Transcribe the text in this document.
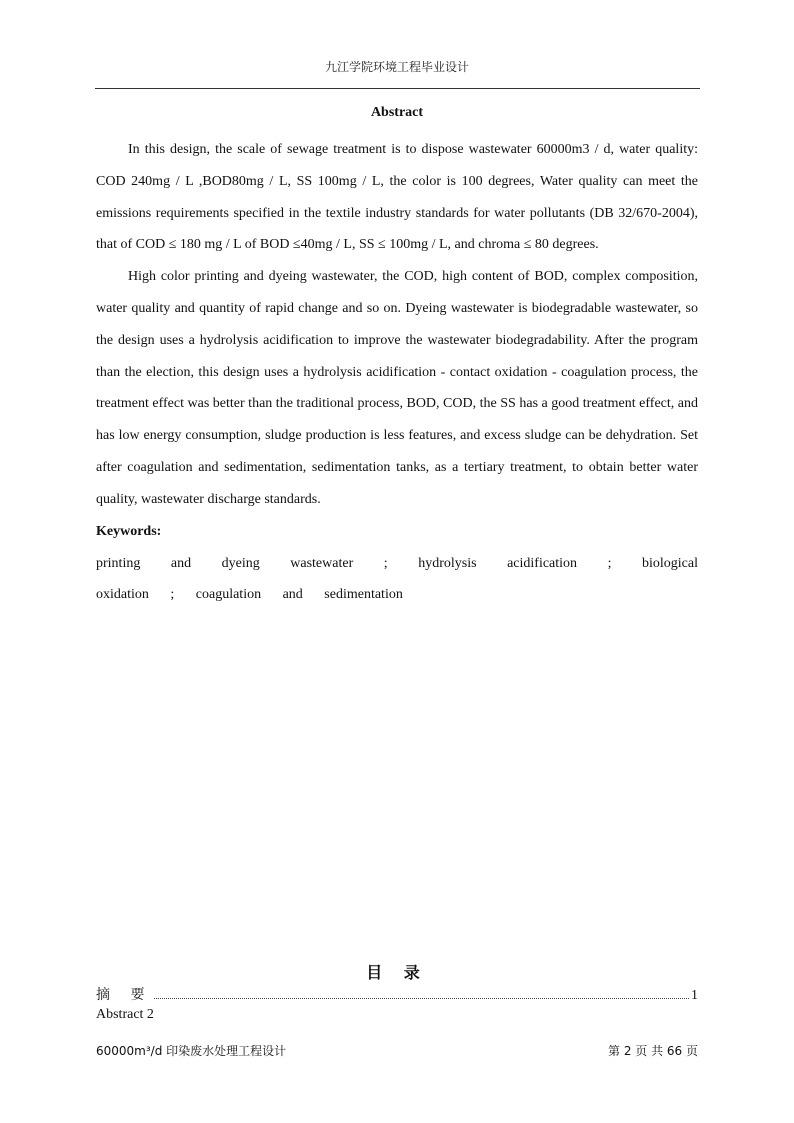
九江学院环境工程毕业设计
Abstract

In this design, the scale of sewage treatment is to dispose wastewater 60000m3 / d, water quality: COD 240mg / L ,BOD80mg / L, SS 100mg / L, the color is 100 degrees, Water quality can meet the emissions requirements specified in the textile industry standards for water pollutants (DB 32/670-2004), that of COD ≤ 180 mg / L of BOD ≤40mg / L, SS ≤ 100mg / L, and chroma ≤ 80 degrees.

High color printing and dyeing wastewater, the COD, high content of BOD, complex composition, water quality and quantity of rapid change and so on. Dyeing wastewater is biodegradable wastewater, so the design uses a hydrolysis acidification to improve the wastewater biodegradability. After the program than the election, this design uses a hydrolysis acidification - contact oxidation - coagulation process, the treatment effect was better than the traditional process, BOD, COD, the SS has a good treatment effect, and has low energy consumption, sludge production is less features, and excess sludge can be dehydration. Set after coagulation and sedimentation, sedimentation tanks, as a tertiary treatment, to obtain better water quality, wastewater discharge standards.

Keywords:

printing and dyeing wastewater ; hydrolysis acidification ; biological oxidation ; coagulation and sedimentation

目 录
摘 要	1
Abstract 2
60000m³/d 印染废水处理工程设计	第 2 页 共 66 页
